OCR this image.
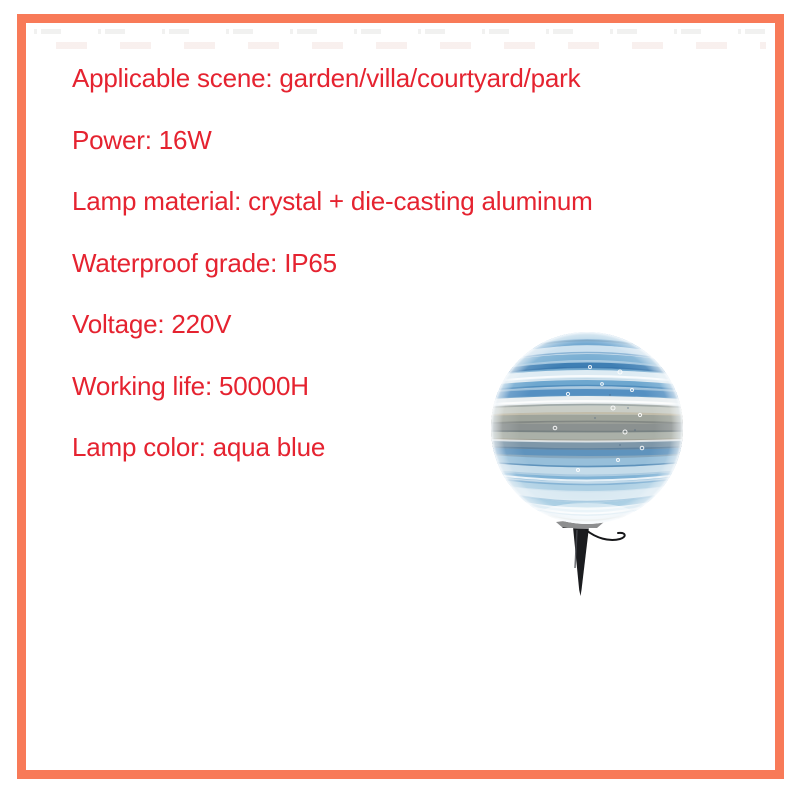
Applicable scene: garden/villa/courtyard/park
Power: 16W
Lamp material: crystal + die-casting aluminum
Waterproof grade: IP65
Voltage: 220V
Working life: 50000H
Lamp color: aqua blue
